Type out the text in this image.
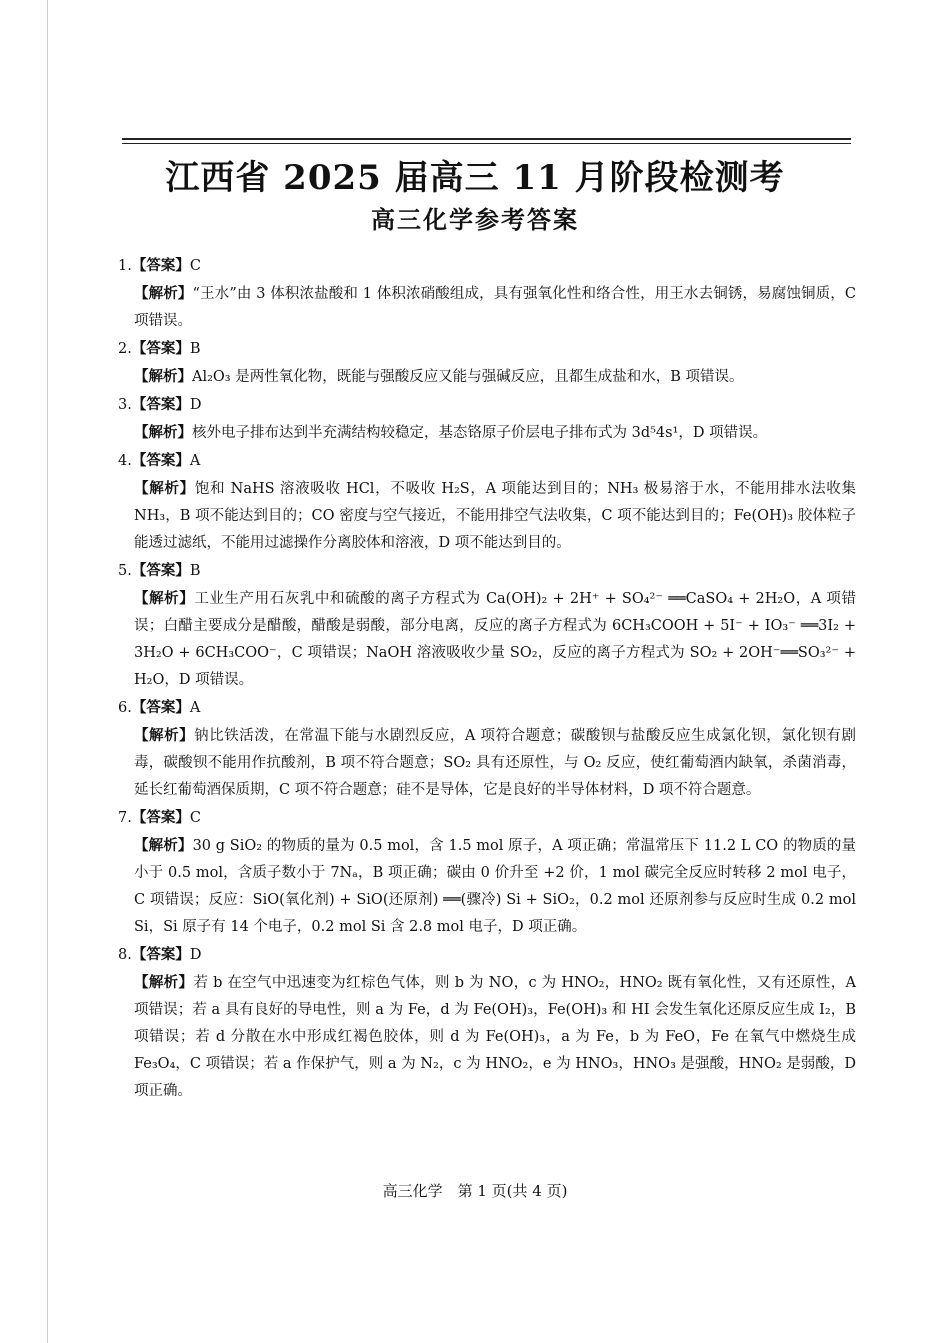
江西省 2025 届高三 11 月阶段检测考
高三化学参考答案
1.【答案】C
【解析】“王水”由 3 体积浓盐酸和 1 体积浓硝酸组成，具有强氧化性和络合性，用王水去铜锈，易腐蚀铜质，C 项错误。
2.【答案】B
【解析】Al₂O₃ 是两性氧化物，既能与强酸反应又能与强碱反应，且都生成盐和水，B 项错误。
3.【答案】D
【解析】核外电子排布达到半充满结构较稳定，基态铬原子价层电子排布式为 3d⁵4s¹，D 项错误。
4.【答案】A
【解析】饱和 NaHS 溶液吸收 HCl，不吸收 H₂S，A 项能达到目的；NH₃ 极易溶于水，不能用排水法收集 NH₃，B 项不能达到目的；CO 密度与空气接近，不能用排空气法收集，C 项不能达到目的；Fe(OH)₃ 胶体粒子能透过滤纸，不能用过滤操作分离胶体和溶液，D 项不能达到目的。
5.【答案】B
【解析】工业生产用石灰乳中和硫酸的离子方程式为 Ca(OH)₂ + 2H⁺ + SO₄²⁻ ══CaSO₄ + 2H₂O，A 项错误；白醋主要成分是醋酸，醋酸是弱酸，部分电离，反应的离子方程式为 6CH₃COOH + 5I⁻ + IO₃⁻ ══3I₂ + 3H₂O + 6CH₃COO⁻，C 项错误；NaOH 溶液吸收少量 SO₂，反应的离子方程式为 SO₂ + 2OH⁻══SO₃²⁻ + H₂O，D 项错误。
6.【答案】A
【解析】钠比铁活泼，在常温下能与水剧烈反应，A 项符合题意；碳酸钡与盐酸反应生成氯化钡，氯化钡有剧毒，碳酸钡不能用作抗酸剂，B 项不符合题意；SO₂ 具有还原性，与 O₂ 反应，使红葡萄酒内缺氧，杀菌消毒，延长红葡萄酒保质期，C 项不符合题意；硅不是导体，它是良好的半导体材料，D 项不符合题意。
7.【答案】C
【解析】30 g SiO₂ 的物质的量为 0.5 mol，含 1.5 mol 原子，A 项正确；常温常压下 11.2 L CO 的物质的量小于 0.5 mol，含质子数小于 7Nₐ，B 项正确；碳由 0 价升至 +2 价，1 mol 碳完全反应时转移 2 mol 电子，C 项错误；反应：SiO(氧化剂) + SiO(还原剂) ══(骤冷) Si + SiO₂，0.2 mol 还原剂参与反应时生成 0.2 mol Si，Si 原子有 14 个电子，0.2 mol Si 含 2.8 mol 电子，D 项正确。
8.【答案】D
【解析】若 b 在空气中迅速变为红棕色气体，则 b 为 NO，c 为 HNO₂，HNO₂ 既有氧化性，又有还原性，A 项错误；若 a 具有良好的导电性，则 a 为 Fe，d 为 Fe(OH)₃，Fe(OH)₃ 和 HI 会发生氧化还原反应生成 I₂，B 项错误；若 d 分散在水中形成红褐色胶体，则 d 为 Fe(OH)₃，a 为 Fe，b 为 FeO，Fe 在氧气中燃烧生成 Fe₃O₄，C 项错误；若 a 作保护气，则 a 为 N₂，c 为 HNO₂，e 为 HNO₃，HNO₃ 是强酸，HNO₂ 是弱酸，D 项正确。
高三化学　第 1 页(共 4 页)
